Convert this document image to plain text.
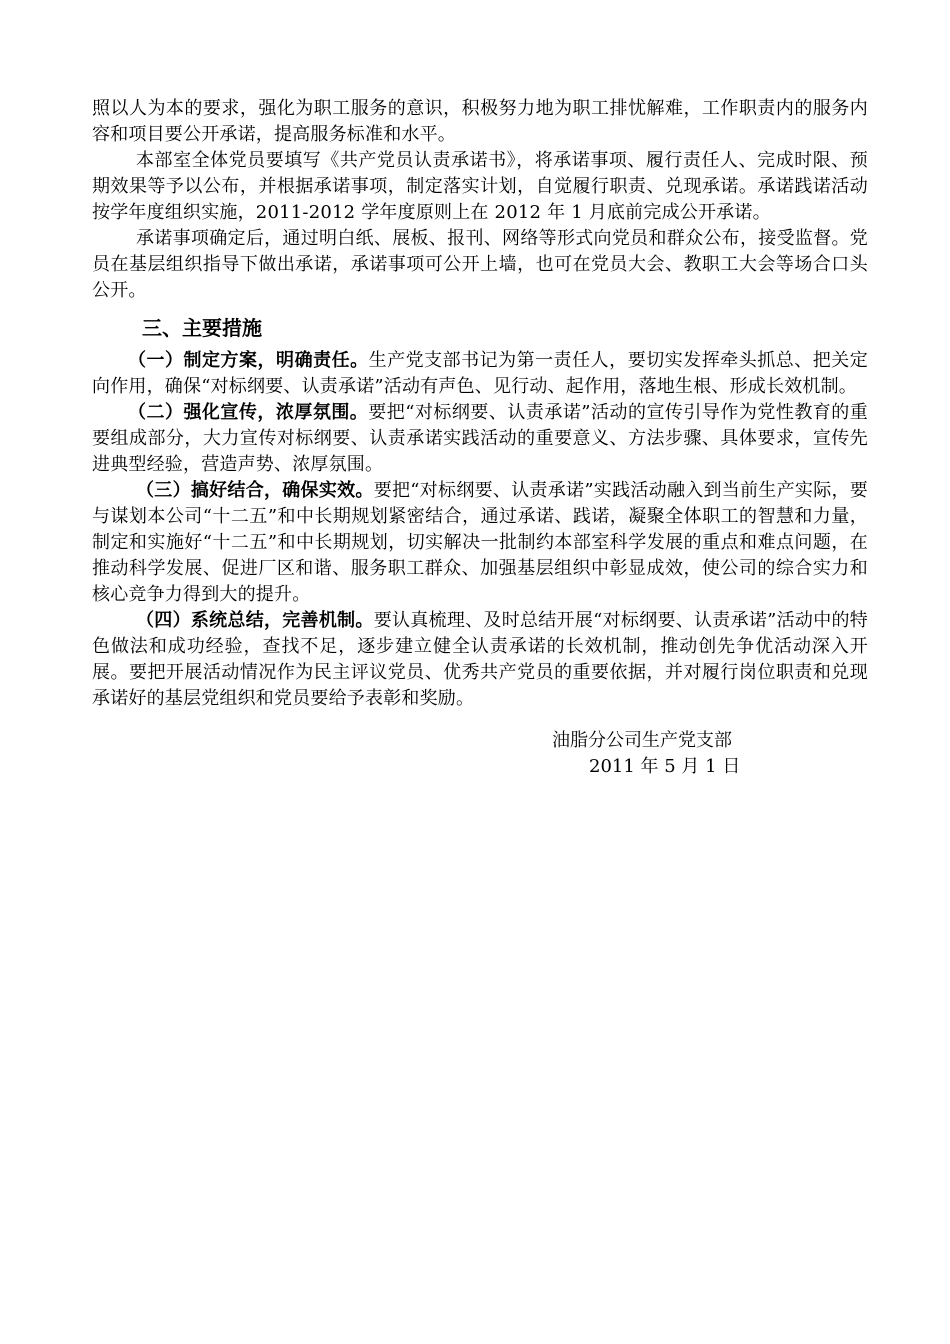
照以人为本的要求，强化为职工服务的意识，积极努力地为职工排忧解难，工作职责内的服务内容和项目要公开承诺，提高服务标准和水平。

本部室全体党员要填写《共产党员认责承诺书》，将承诺事项、履行责任人、完成时限、预期效果等予以公布，并根据承诺事项，制定落实计划，自觉履行职责、兑现承诺。承诺践诺活动按学年度组织实施，2011-2012 学年度原则上在 2012 年 1 月底前完成公开承诺。

承诺事项确定后，通过明白纸、展板、报刊、网络等形式向党员和群众公布，接受监督。党员在基层组织指导下做出承诺，承诺事项可公开上墙，也可在党员大会、教职工大会等场合口头公开。

三、主要措施

（一）制定方案，明确责任。生产党支部书记为第一责任人，要切实发挥牵头抓总、把关定向作用，确保“对标纲要、认责承诺”活动有声色、见行动、起作用，落地生根、形成长效机制。

（二）强化宣传，浓厚氛围。要把“对标纲要、认责承诺”活动的宣传引导作为党性教育的重要组成部分，大力宣传对标纲要、认责承诺实践活动的重要意义、方法步骤、具体要求，宣传先进典型经验，营造声势、浓厚氛围。

（三）搞好结合，确保实效。要把“对标纲要、认责承诺”实践活动融入到当前生产实际，要与谋划本公司“十二五”和中长期规划紧密结合，通过承诺、践诺，凝聚全体职工的智慧和力量，制定和实施好“十二五”和中长期规划，切实解决一批制约本部室科学发展的重点和难点问题，在推动科学发展、促进厂区和谐、服务职工群众、加强基层组织中彰显成效，使公司的综合实力和核心竞争力得到大的提升。

（四）系统总结，完善机制。要认真梳理、及时总结开展“对标纲要、认责承诺”活动中的特色做法和成功经验，查找不足，逐步建立健全认责承诺的长效机制，推动创先争优活动深入开展。要把开展活动情况作为民主评议党员、优秀共产党员的重要依据，并对履行岗位职责和兑现承诺好的基层党组织和党员要给予表彰和奖励。

油脂分公司生产党支部

2011 年 5 月 1 日
